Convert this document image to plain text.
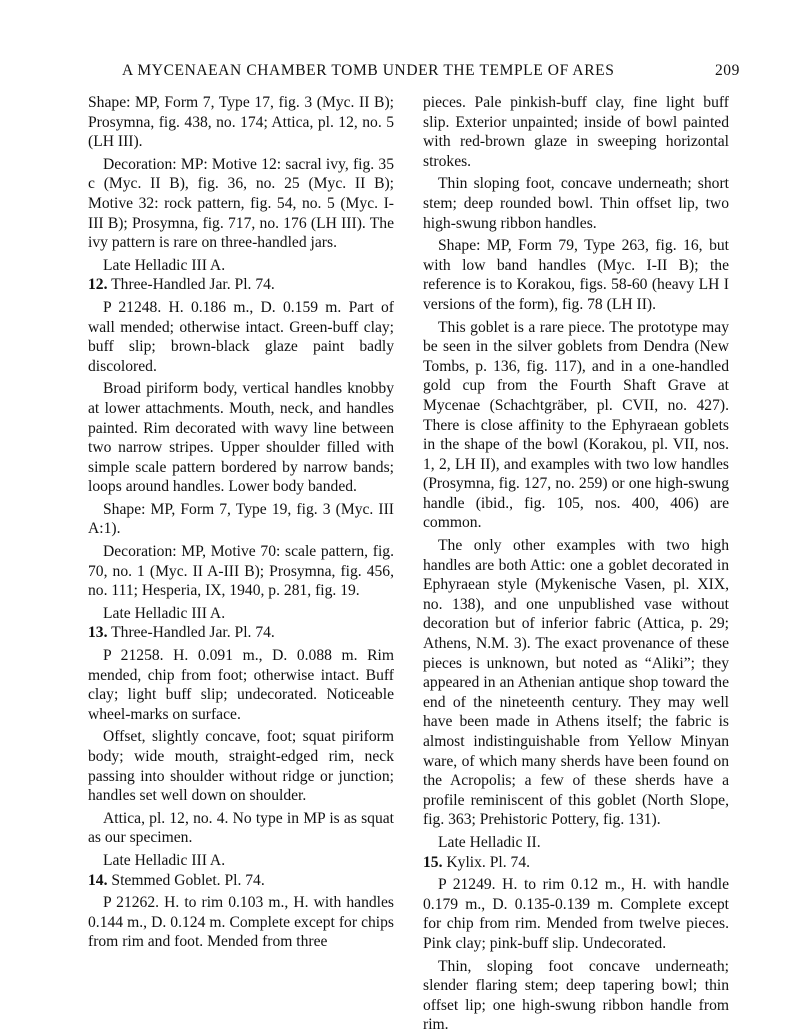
A MYCENAEAN CHAMBER TOMB UNDER THE TEMPLE OF ARES	209

Shape: MP, Form 7, Type 17, fig. 3 (Myc. II B); Prosymna, fig. 438, no. 174; Attica, pl. 12, no. 5 (LH III).

Decoration: MP: Motive 12: sacral ivy, fig. 35 c (Myc. II B), fig. 36, no. 25 (Myc. II B); Motive 32: rock pattern, fig. 54, no. 5 (Myc. I-III B); Prosymna, fig. 717, no. 176 (LH III). The ivy pattern is rare on three-handled jars.

Late Helladic III A.

12. Three-Handled Jar. Pl. 74.

P 21248. H. 0.186 m., D. 0.159 m. Part of wall mended; otherwise intact. Green-buff clay; buff slip; brown-black glaze paint badly discolored.

Broad piriform body, vertical handles knobby at lower attachments. Mouth, neck, and handles painted. Rim decorated with wavy line between two narrow stripes. Upper shoulder filled with simple scale pattern bordered by narrow bands; loops around handles. Lower body banded.

Shape: MP, Form 7, Type 19, fig. 3 (Myc. III A:1).

Decoration: MP, Motive 70: scale pattern, fig. 70, no. 1 (Myc. II A-III B); Prosymna, fig. 456, no. 111; Hesperia, IX, 1940, p. 281, fig. 19.

Late Helladic III A.

13. Three-Handled Jar. Pl. 74.

P 21258. H. 0.091 m., D. 0.088 m. Rim mended, chip from foot; otherwise intact. Buff clay; light buff slip; undecorated. Noticeable wheel-marks on surface.

Offset, slightly concave, foot; squat piriform body; wide mouth, straight-edged rim, neck passing into shoulder without ridge or junction; handles set well down on shoulder.

Attica, pl. 12, no. 4. No type in MP is as squat as our specimen.

Late Helladic III A.

14. Stemmed Goblet. Pl. 74.

P 21262. H. to rim 0.103 m., H. with handles 0.144 m., D. 0.124 m. Complete except for chips from rim and foot. Mended from three

pieces. Pale pinkish-buff clay, fine light buff slip. Exterior unpainted; inside of bowl painted with red-brown glaze in sweeping horizontal strokes.

Thin sloping foot, concave underneath; short stem; deep rounded bowl. Thin offset lip, two high-swung ribbon handles.

Shape: MP, Form 79, Type 263, fig. 16, but with low band handles (Myc. I-II B); the reference is to Korakou, figs. 58-60 (heavy LH I versions of the form), fig. 78 (LH II).

This goblet is a rare piece. The prototype may be seen in the silver goblets from Dendra (New Tombs, p. 136, fig. 117), and in a one-handled gold cup from the Fourth Shaft Grave at Mycenae (Schachtgräber, pl. CVII, no. 427). There is close affinity to the Ephyraean goblets in the shape of the bowl (Korakou, pl. VII, nos. 1, 2, LH II), and examples with two low handles (Prosymna, fig. 127, no. 259) or one high-swung handle (ibid., fig. 105, nos. 400, 406) are common.

The only other examples with two high handles are both Attic: one a goblet decorated in Ephyraean style (Mykenische Vasen, pl. XIX, no. 138), and one unpublished vase without decoration but of inferior fabric (Attica, p. 29; Athens, N.M. 3). The exact provenance of these pieces is unknown, but noted as “Aliki”; they appeared in an Athenian antique shop toward the end of the nineteenth century. They may well have been made in Athens itself; the fabric is almost indistinguishable from Yellow Minyan ware, of which many sherds have been found on the Acropolis; a few of these sherds have a profile reminiscent of this goblet (North Slope, fig. 363; Prehistoric Pottery, fig. 131).

Late Helladic II.

15. Kylix. Pl. 74.

P 21249. H. to rim 0.12 m., H. with handle 0.179 m., D. 0.135-0.139 m. Complete except for chip from rim. Mended from twelve pieces. Pink clay; pink-buff slip. Undecorated.

Thin, sloping foot concave underneath; slender flaring stem; deep tapering bowl; thin offset lip; one high-swung ribbon handle from rim.
